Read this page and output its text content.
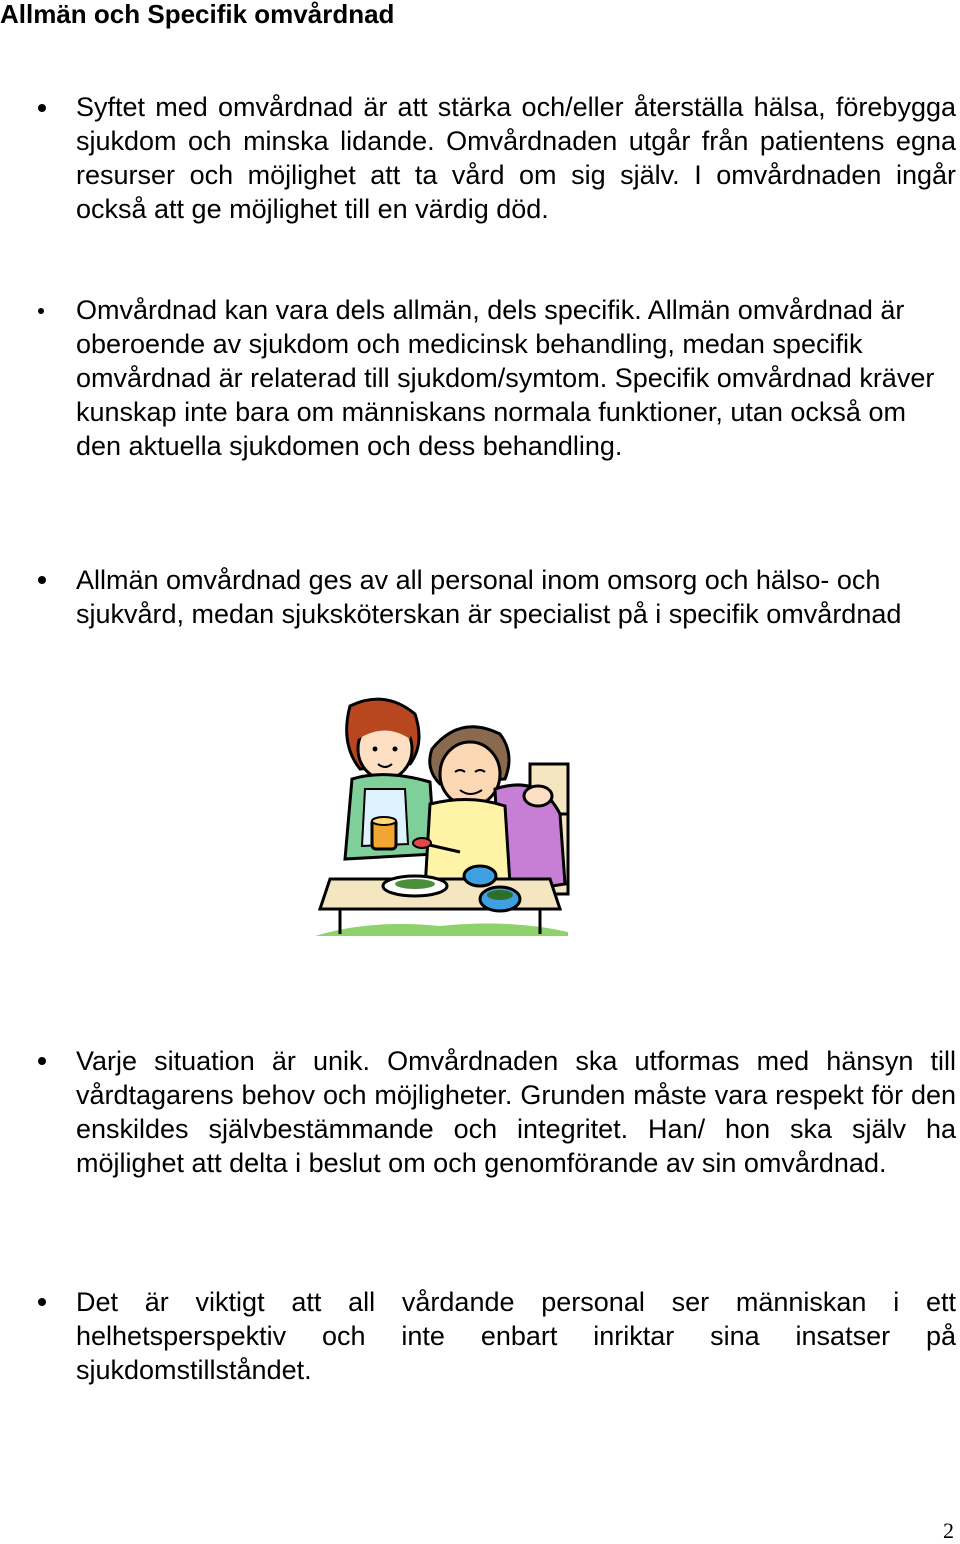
Allmän och Specifik omvårdnad

Syftet med omvårdnad är att stärka och/eller återställa hälsa, förebygga sjukdom och minska lidande. Omvårdnaden utgår från patientens egna resurser och möjlighet att ta vård om sig själv. I omvårdnaden ingår också att ge möjlighet till en värdig död.

Omvårdnad kan vara dels allmän, dels specifik. Allmän omvårdnad är oberoende av sjukdom och medicinsk behandling, medan specifik omvårdnad är relaterad till sjukdom/symtom. Specifik omvårdnad kräver kunskap inte bara om människans normala funktioner, utan också om den aktuella sjukdomen och dess behandling.

Allmän omvårdnad ges av all personal inom omsorg och hälso- och sjukvård, medan sjuksköterskan är specialist på i specifik omvårdnad

Varje situation är unik. Omvårdnaden ska utformas med hänsyn till vårdtagarens behov och möjligheter. Grunden måste vara respekt för den enskildes självbestämmande och integritet. Han/ hon ska själv ha möjlighet att delta i beslut om och genomförande av sin omvårdnad.

Det är viktigt att all vårdande personal ser människan i ett helhetsperspektiv och inte enbart inriktar sina insatser på sjukdomstillståndet.

2
